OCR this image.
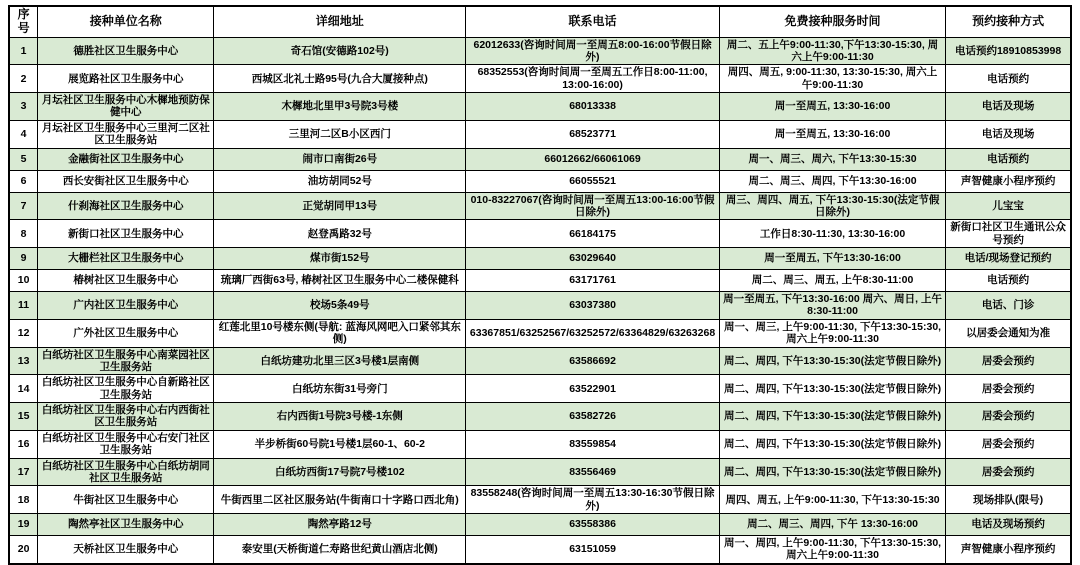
序号	接种单位名称	详细地址	联系电话	免费接种服务时间	预约接种方式
1	德胜社区卫生服务中心	奇石馆(安德路102号)	62012633(咨询时间周一至周五8:00-16:00节假日除外)	周二、五上午9:00-11:30,下午13:30-15:30, 周六上午9:00-11:30	电话预约18910853998
2	展览路社区卫生服务中心	西城区北礼士路95号(九合大厦接种点)	68352553(咨询时间周一至周五工作日8:00-11:00, 13:00-16:00)	周四、周五, 9:00-11:30, 13:30-15:30, 周六上午9:00-11:30	电话预约
3	月坛社区卫生服务中心木樨地预防保健中心	木樨地北里甲3号院3号楼	68013338	周一至周五, 13:30-16:00	电话及现场
4	月坛社区卫生服务中心三里河二区社区卫生服务站	三里河二区B小区西门	68523771	周一至周五, 13:30-16:00	电话及现场
5	金融街社区卫生服务中心	闹市口南街26号	66012662/66061069	周一、周三、周六, 下午13:30-15:30	电话预约
6	西长安街社区卫生服务中心	油坊胡同52号	66055521	周二、周三、周四, 下午13:30-16:00	声智健康小程序预约
7	什刹海社区卫生服务中心	正觉胡同甲13号	010-83227067(咨询时间周一至周五13:00-16:00节假日除外)	周三、周四、周五, 下午13:30-15:30(法定节假日除外)	儿宝宝
8	新街口社区卫生服务中心	赵登禹路32号	66184175	工作日8:30-11:30, 13:30-16:00	新街口社区卫生通讯公众号预约
9	大栅栏社区卫生服务中心	煤市街152号	63029640	周一至周五, 下午13:30-16:00	电话/现场登记预约
10	椿树社区卫生服务中心	琉璃厂西街63号, 椿树社区卫生服务中心二楼保健科	63171761	周二、周三、周五, 上午8:30-11:00	电话预约
11	广内社区卫生服务中心	校场5条49号	63037380	周一至周五, 下午13:30-16:00 周六、周日, 上午8:30-11:00	电话、门诊
12	广外社区卫生服务中心	红莲北里10号楼东侧(导航: 蓝海风网吧入口紧邻其东侧)	63367851/63252567/63252572/63364829/63263268	周一、周三, 上午9:00-11:30, 下午13:30-15:30, 周六上午9:00-11:30	以居委会通知为准
13	白纸坊社区卫生服务中心南菜园社区卫生服务站	白纸坊建功北里三区3号楼1层南侧	63586692	周二、周四, 下午13:30-15:30(法定节假日除外)	居委会预约
14	白纸坊社区卫生服务中心自新路社区卫生服务站	白纸坊东街31号旁门	63522901	周二、周四, 下午13:30-15:30(法定节假日除外)	居委会预约
15	白纸坊社区卫生服务中心右内西街社区卫生服务站	右内西街1号院3号楼-1东侧	63582726	周二、周四, 下午13:30-15:30(法定节假日除外)	居委会预约
16	白纸坊社区卫生服务中心右安门社区卫生服务站	半步桥街60号院1号楼1层60-1、60-2	83559854	周二、周四, 下午13:30-15:30(法定节假日除外)	居委会预约
17	白纸坊社区卫生服务中心白纸坊胡同社区卫生服务站	白纸坊西街17号院7号楼102	83556469	周二、周四, 下午13:30-15:30(法定节假日除外)	居委会预约
18	牛街社区卫生服务中心	牛街西里二区社区服务站(牛街南口十字路口西北角)	83558248(咨询时间周一至周五13:30-16:30节假日除外)	周四、周五, 上午9:00-11:30, 下午13:30-15:30	现场排队(限号)
19	陶然亭社区卫生服务中心	陶然亭路12号	63558386	周二、周三、周四, 下午 13:30-16:00	电话及现场预约
20	天桥社区卫生服务中心	泰安里(天桥街道仁寿路世纪黄山酒店北侧)	63151059	周一、周四, 上午9:00-11:30, 下午13:30-15:30, 周六上午9:00-11:30	声智健康小程序预约
